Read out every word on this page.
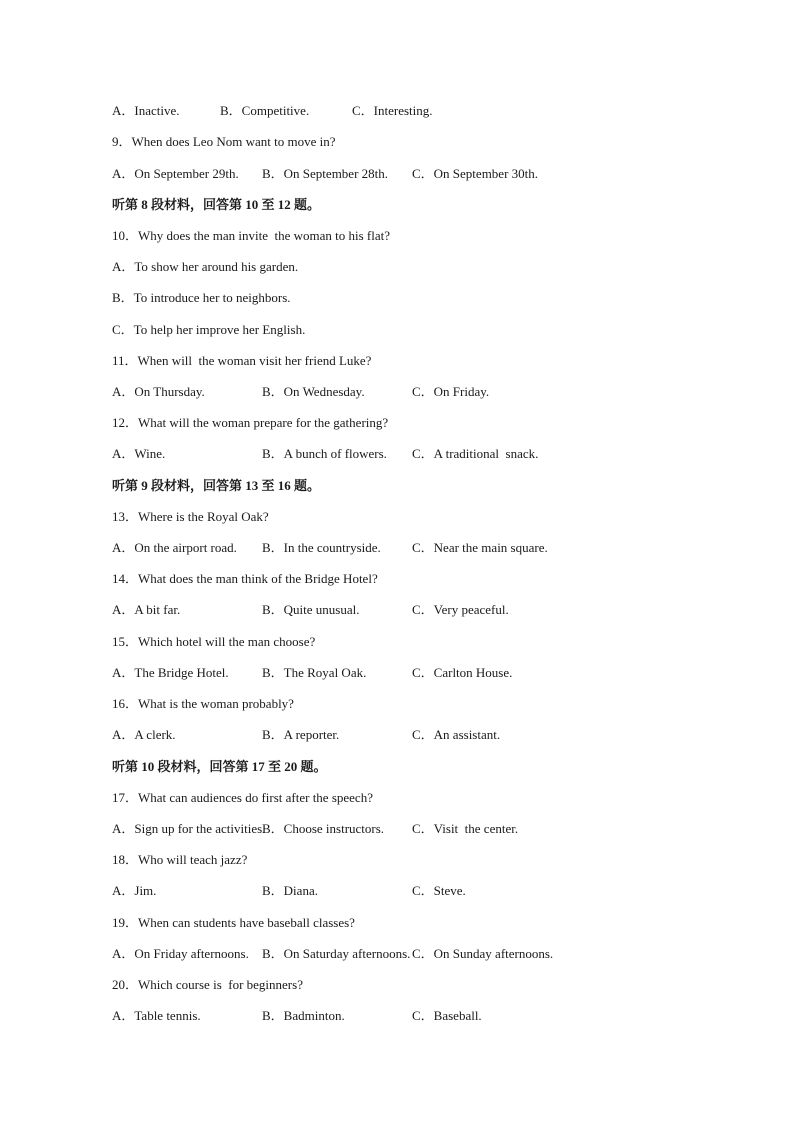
A．Inactive.	B．Competitive.	C．Interesting.
9．When does Leo Nom want to move in?
A．On September 29th. B．On September 28th. C．On September 30th.
听第 8 段材料，回答第 10 至 12 题。
10．Why does the man invite  the woman to his flat?
A．To show her around his garden.
B．To introduce her to neighbors.
C．To help her improve her English.
11．When will  the woman visit her friend Luke?
A．On Thursday.	B．On Wednesday.	C．On Friday.
12．What will the woman prepare for the gathering?
A．Wine.	B．A bunch of flowers. C．A traditional  snack.
听第 9 段材料，回答第 13 至 16 题。
13．Where is the Royal Oak?
A．On the airport road. B．In the countryside. C．Near the main square.
14．What does the man think of the Bridge Hotel?
A．A bit far.	B．Quite unusual.	C．Very peaceful.
15．Which hotel will the man choose?
A．The Bridge Hotel.	B．The Royal Oak.	C．Carlton House.
16．What is the woman probably?
A．A clerk.	B．A reporter.	C．An assistant.
听第 10 段材料，回答第 17 至 20 题。
17．What can audiences do first after the speech?
A．Sign up for the activities.
B．Choose instructors. C．Visit  the center.
18．Who will teach jazz?
A．Jim.	B．Diana.	C．Steve.
19．When can students have baseball classes?
A．On Friday afternoons. B．On Saturday afternoons. C．On Sunday afternoons.
20．Which course is  for beginners?
A．Table tennis.	B．Badminton.	C．Baseball.
